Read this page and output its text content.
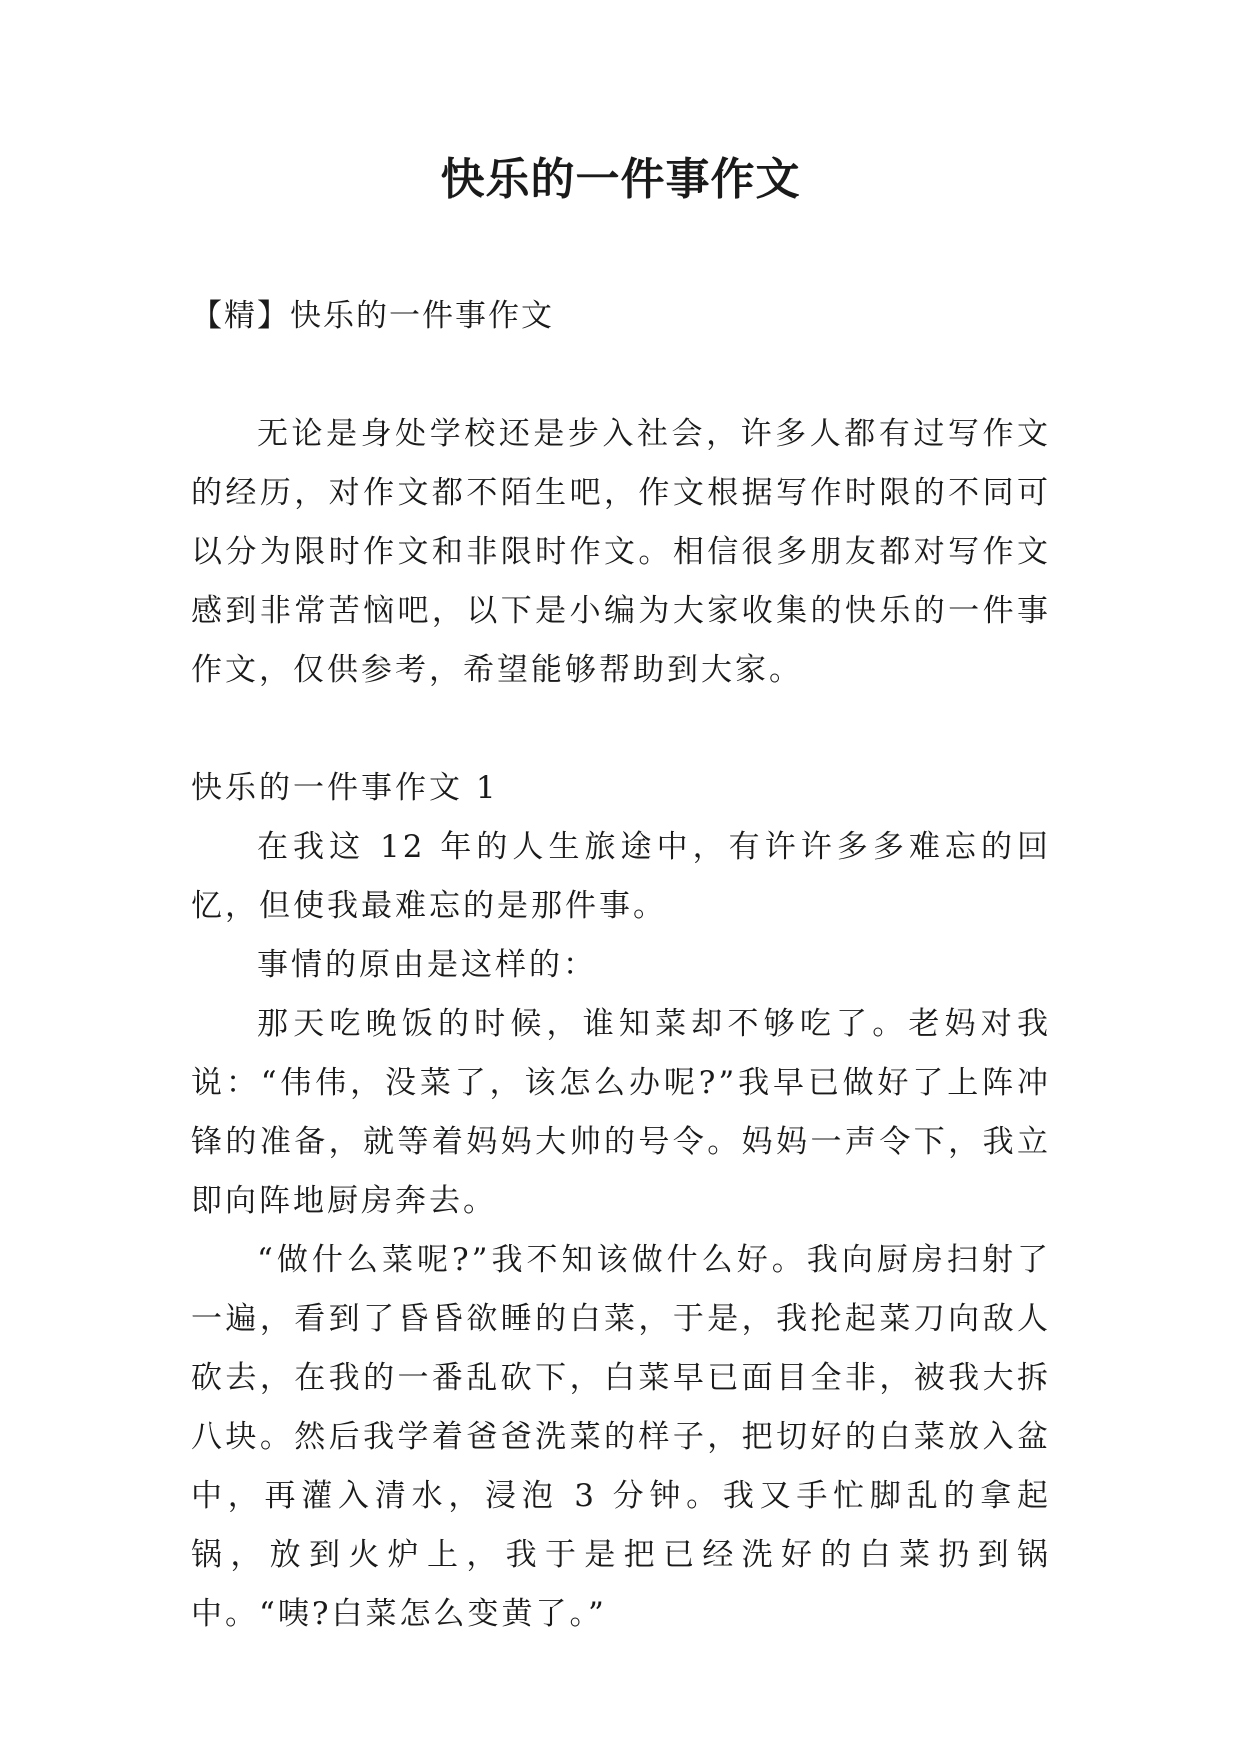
快乐的一件事作文

【精】快乐的一件事作文

无论是身处学校还是步入社会，许多人都有过写作文的经历，对作文都不陌生吧，作文根据写作时限的不同可以分为限时作文和非限时作文。相信很多朋友都对写作文感到非常苦恼吧，以下是小编为大家收集的快乐的一件事作文，仅供参考，希望能够帮助到大家。

快乐的一件事作文 1

在我这 12 年的人生旅途中，有许许多多难忘的回忆，但使我最难忘的是那件事。

事情的原由是这样的：

那天吃晚饭的时候，谁知菜却不够吃了。老妈对我说：“伟伟，没菜了，该怎么办呢?”我早已做好了上阵冲锋的准备，就等着妈妈大帅的号令。妈妈一声令下，我立即向阵地厨房奔去。

“做什么菜呢?”我不知该做什么好。我向厨房扫射了一遍，看到了昏昏欲睡的白菜，于是，我抡起菜刀向敌人砍去，在我的一番乱砍下，白菜早已面目全非，被我大拆八块。然后我学着爸爸洗菜的样子，把切好的白菜放入盆中，再灌入清水，浸泡 3 分钟。我又手忙脚乱的拿起锅，放到火炉上，我于是把已经洗好的白菜扔到锅中。“咦?白菜怎么变黄了。”
